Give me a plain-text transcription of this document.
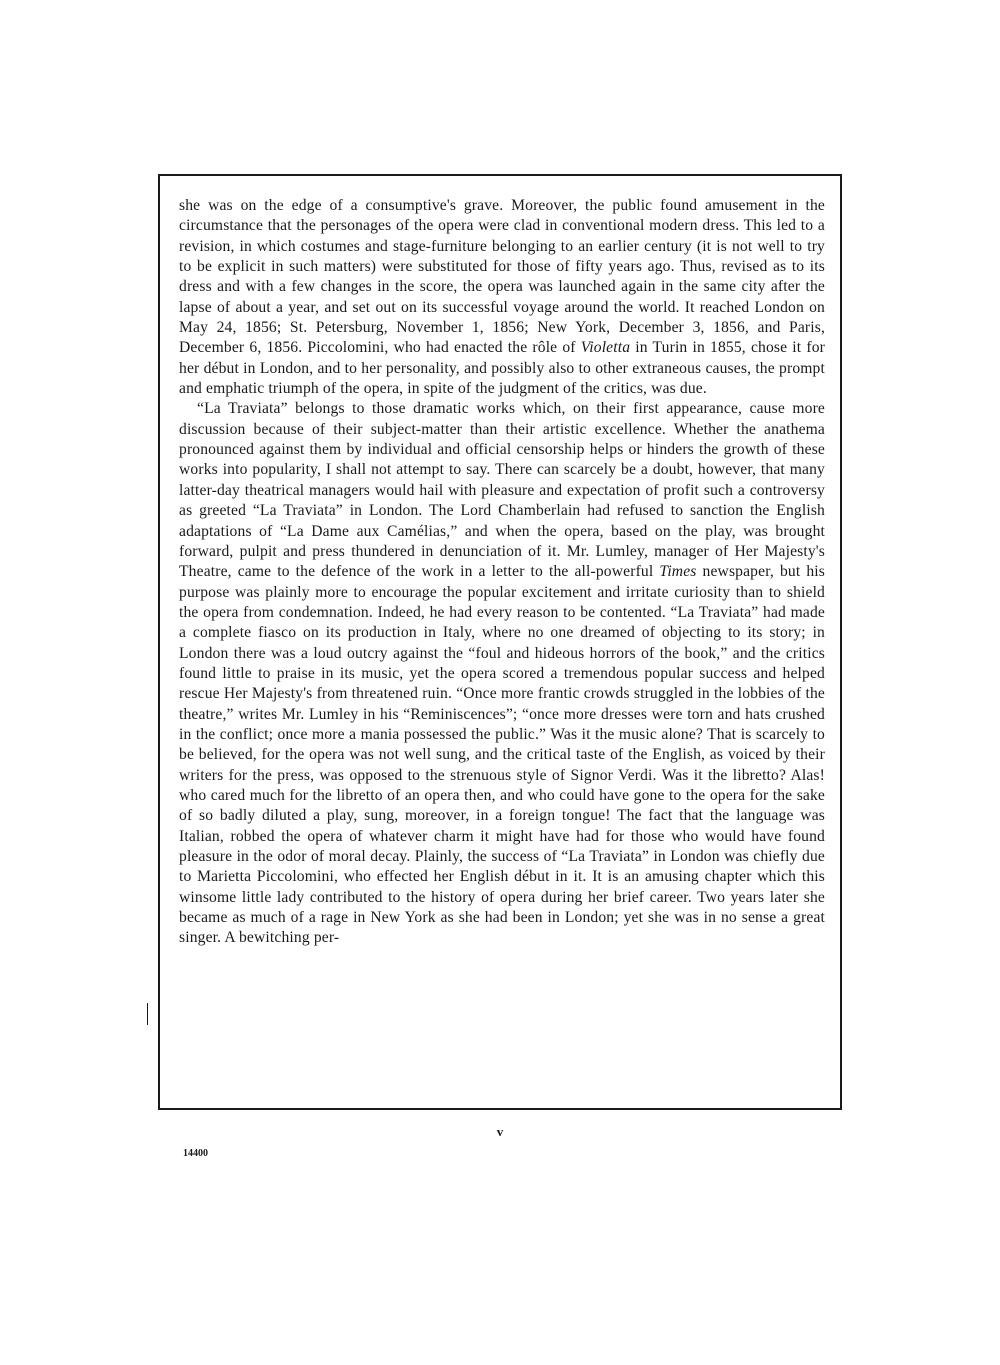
she was on the edge of a consumptive's grave. Moreover, the public found amusement in the circumstance that the personages of the opera were clad in conventional modern dress. This led to a revision, in which costumes and stage-furniture belonging to an earlier century (it is not well to try to be explicit in such matters) were substituted for those of fifty years ago. Thus, revised as to its dress and with a few changes in the score, the opera was launched again in the same city after the lapse of about a year, and set out on its successful voyage around the world. It reached London on May 24, 1856; St. Petersburg, November 1, 1856; New York, December 3, 1856, and Paris, December 6, 1856. Piccolomini, who had enacted the rôle of Violetta in Turin in 1855, chose it for her début in London, and to her personality, and possibly also to other extraneous causes, the prompt and emphatic triumph of the opera, in spite of the judgment of the critics, was due.

“La Traviata” belongs to those dramatic works which, on their first appearance, cause more discussion because of their subject-matter than their artistic excellence. Whether the anathema pronounced against them by individual and official censorship helps or hinders the growth of these works into popularity, I shall not attempt to say. There can scarcely be a doubt, however, that many latter-day theatrical managers would hail with pleasure and expectation of profit such a controversy as greeted “La Traviata” in London. The Lord Chamberlain had refused to sanction the English adaptations of “La Dame aux Camélias,” and when the opera, based on the play, was brought forward, pulpit and press thundered in denunciation of it. Mr. Lumley, manager of Her Majesty's Theatre, came to the defence of the work in a letter to the all-powerful Times newspaper, but his purpose was plainly more to encourage the popular excitement and irritate curiosity than to shield the opera from condemnation. Indeed, he had every reason to be contented. “La Traviata” had made a complete fiasco on its production in Italy, where no one dreamed of objecting to its story; in London there was a loud outcry against the “foul and hideous horrors of the book,” and the critics found little to praise in its music, yet the opera scored a tremendous popular success and helped rescue Her Majesty's from threatened ruin. “Once more frantic crowds struggled in the lobbies of the theatre,” writes Mr. Lumley in his “Reminiscences”; “once more dresses were torn and hats crushed in the conflict; once more a mania possessed the public.” Was it the music alone? That is scarcely to be believed, for the opera was not well sung, and the critical taste of the English, as voiced by their writers for the press, was opposed to the strenuous style of Signor Verdi. Was it the libretto? Alas! who cared much for the libretto of an opera then, and who could have gone to the opera for the sake of so badly diluted a play, sung, moreover, in a foreign tongue! The fact that the language was Italian, robbed the opera of whatever charm it might have had for those who would have found pleasure in the odor of moral decay. Plainly, the success of “La Traviata” in London was chiefly due to Marietta Piccolomini, who effected her English début in it. It is an amusing chapter which this winsome little lady contributed to the history of opera during her brief career. Two years later she became as much of a rage in New York as she had been in London; yet she was in no sense a great singer. A bewitching per-

v
14400
